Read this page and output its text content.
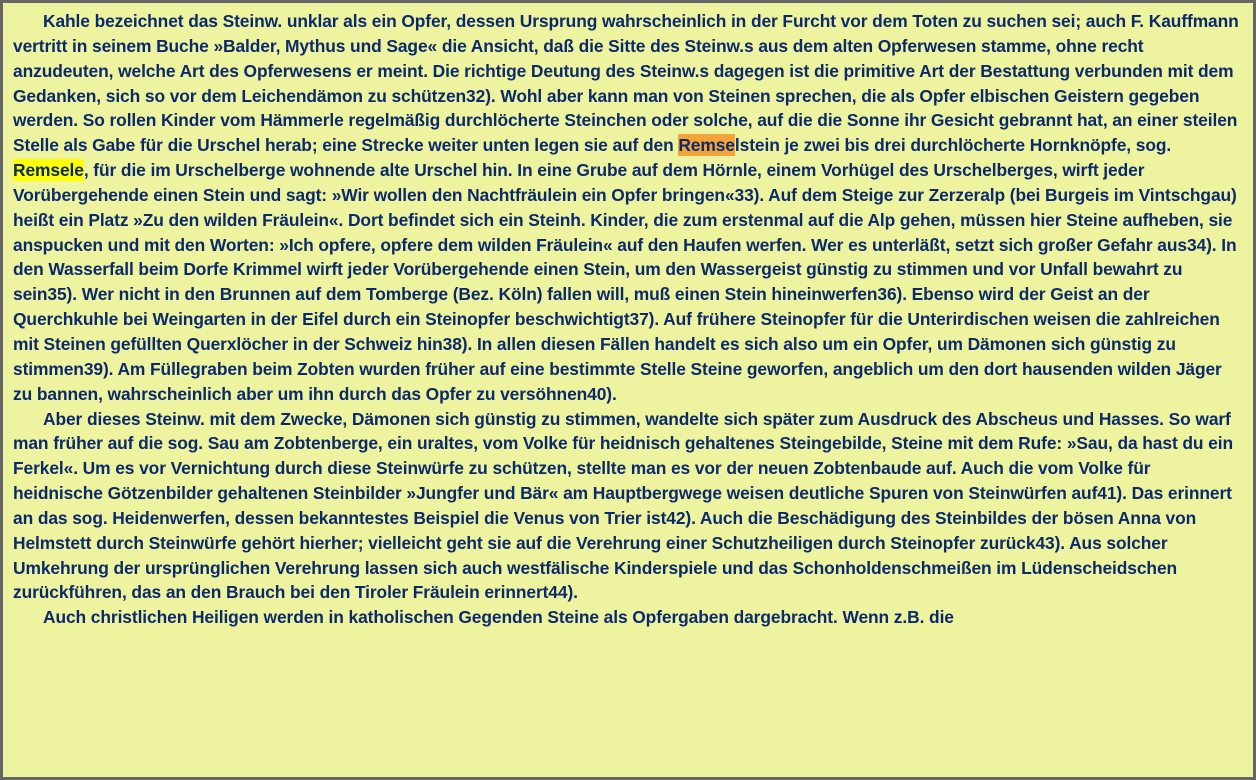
Kahle bezeichnet das Steinw. unklar als ein Opfer, dessen Ursprung wahrscheinlich in der Furcht vor dem Toten zu suchen sei; auch F. Kauffmann vertritt in seinem Buche »Balder, Mythus und Sage« die Ansicht, daß die Sitte des Steinw.s aus dem alten Opferwesen stamme, ohne recht anzudeuten, welche Art des Opferwesens er meint. Die richtige Deutung des Steinw.s dagegen ist die primitive Art der Bestattung verbunden mit dem Gedanken, sich so vor dem Leichendämon zu schützen32). Wohl aber kann man von Steinen sprechen, die als Opfer elbischen Geistern gegeben werden. So rollen Kinder vom Hämmerle regelmäßig durchlöcherte Steinchen oder solche, auf die die Sonne ihr Gesicht gebrannt hat, an einer steilen Stelle als Gabe für die Urschel herab; eine Strecke weiter unten legen sie auf den Remselstein je zwei bis drei durchlöcherte Hornknöpfe, sog. Remsele, für die im Urschelberge wohnende alte Urschel hin. In eine Grube auf dem Hörnle, einem Vorhügel des Urschelberges, wirft jeder Vorübergehende einen Stein und sagt: »Wir wollen den Nachtfräulein ein Opfer bringen«33). Auf dem Steige zur Zerzeralp (bei Burgeis im Vintschgau) heißt ein Platz »Zu den wilden Fräulein«. Dort befindet sich ein Steinh. Kinder, die zum erstenmal auf die Alp gehen, müssen hier Steine aufheben, sie anspucken und mit den Worten: »Ich opfere, opfere dem wilden Fräulein« auf den Haufen werfen. Wer es unterläßt, setzt sich großer Gefahr aus34). In den Wasserfall beim Dorfe Krimmel wirft jeder Vorübergehende einen Stein, um den Wassergeist günstig zu stimmen und vor Unfall bewahrt zu sein35). Wer nicht in den Brunnen auf dem Tomberge (Bez. Köln) fallen will, muß einen Stein hineinwerfen36). Ebenso wird der Geist an der Querchkuhle bei Weingarten in der Eifel durch ein Steinopfer beschwichtigt37). Auf frühere Steinopfer für die Unterirdischen weisen die zahlreichen mit Steinen gefüllten Querxlöcher in der Schweiz hin38). In allen diesen Fällen handelt es sich also um ein Opfer, um Dämonen sich günstig zu stimmen39). Am Füllegraben beim Zobten wurden früher auf eine bestimmte Stelle Steine geworfen, angeblich um den dort hausenden wilden Jäger zu bannen, wahrscheinlich aber um ihn durch das Opfer zu versöhnen40).

Aber dieses Steinw. mit dem Zwecke, Dämonen sich günstig zu stimmen, wandelte sich später zum Ausdruck des Abscheus und Hasses. So warf man früher auf die sog. Sau am Zobtenberge, ein uraltes, vom Volke für heidnisch gehaltenes Steingebilde, Steine mit dem Rufe: »Sau, da hast du ein Ferkel«. Um es vor Vernichtung durch diese Steinwürfe zu schützen, stellte man es vor der neuen Zobtenbaude auf. Auch die vom Volke für heidnische Götzenbilder gehaltenen Steinbilder »Jungfer und Bär« am Hauptbergwege weisen deutliche Spuren von Steinwürfen auf41). Das erinnert an das sog. Heidenwerfen, dessen bekanntestes Beispiel die Venus von Trier ist42). Auch die Beschädigung des Steinbildes der bösen Anna von Helmstett durch Steinwürfe gehört hierher; vielleicht geht sie auf die Verehrung einer Schutzheiligen durch Steinopfer zurück43). Aus solcher Umkehrung der ursprünglichen Verehrung lassen sich auch westfälische Kinderspiele und das Schonholdenschmeißen im Lüdenscheidschen zurückführen, das an den Brauch bei den Tiroler Fräulein erinnert44).

Auch christlichen Heiligen werden in katholischen Gegenden Steine als Opfergaben dargebracht. Wenn z.B. die
